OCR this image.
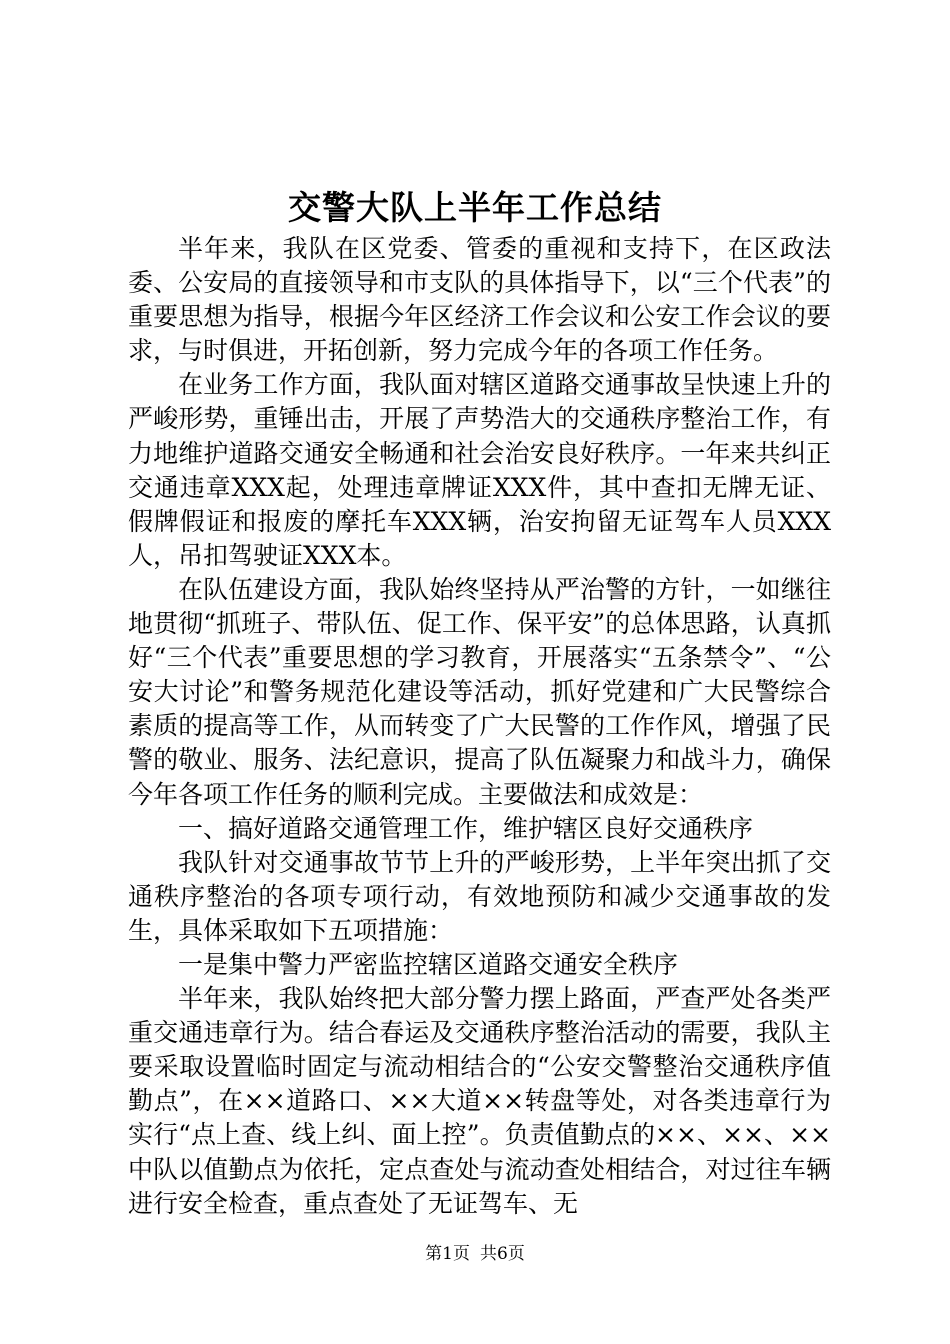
交警大队上半年工作总结

半年来，我队在区党委、管委的重视和支持下，在区政法委、公安局的直接领导和市支队的具体指导下，以“三个代表”的重要思想为指导，根据今年区经济工作会议和公安工作会议的要求，与时俱进，开拓创新，努力完成今年的各项工作任务。

在业务工作方面，我队面对辖区道路交通事故呈快速上升的严峻形势，重锤出击，开展了声势浩大的交通秩序整治工作，有力地维护道路交通安全畅通和社会治安良好秩序。一年来共纠正交通违章XXX起，处理违章牌证XXX件，其中查扣无牌无证、假牌假证和报废的摩托车XXX辆，治安拘留无证驾车人员XXX人，吊扣驾驶证XXX本。

在队伍建设方面，我队始终坚持从严治警的方针，一如继往地贯彻“抓班子、带队伍、促工作、保平安”的总体思路，认真抓好“三个代表”重要思想的学习教育，开展落实“五条禁令”、“公安大讨论”和警务规范化建设等活动，抓好党建和广大民警综合素质的提高等工作，从而转变了广大民警的工作作风，增强了民警的敬业、服务、法纪意识，提高了队伍凝聚力和战斗力，确保今年各项工作任务的顺利完成。主要做法和成效是：

一、搞好道路交通管理工作，维护辖区良好交通秩序

我队针对交通事故节节上升的严峻形势，上半年突出抓了交通秩序整治的各项专项行动，有效地预防和减少交通事故的发生，具体采取如下五项措施：

一是集中警力严密监控辖区道路交通安全秩序

半年来，我队始终把大部分警力摆上路面，严查严处各类严重交通违章行为。结合春运及交通秩序整治活动的需要，我队主要采取设置临时固定与流动相结合的“公安交警整治交通秩序值勤点”，在××道路口、××大道××转盘等处，对各类违章行为实行“点上查、线上纠、面上控”。负责值勤点的××、××、××中队以值勤点为依托，定点查处与流动查处相结合，对过往车辆进行安全检查，重点查处了无证驾车、无

第1页 共6页
